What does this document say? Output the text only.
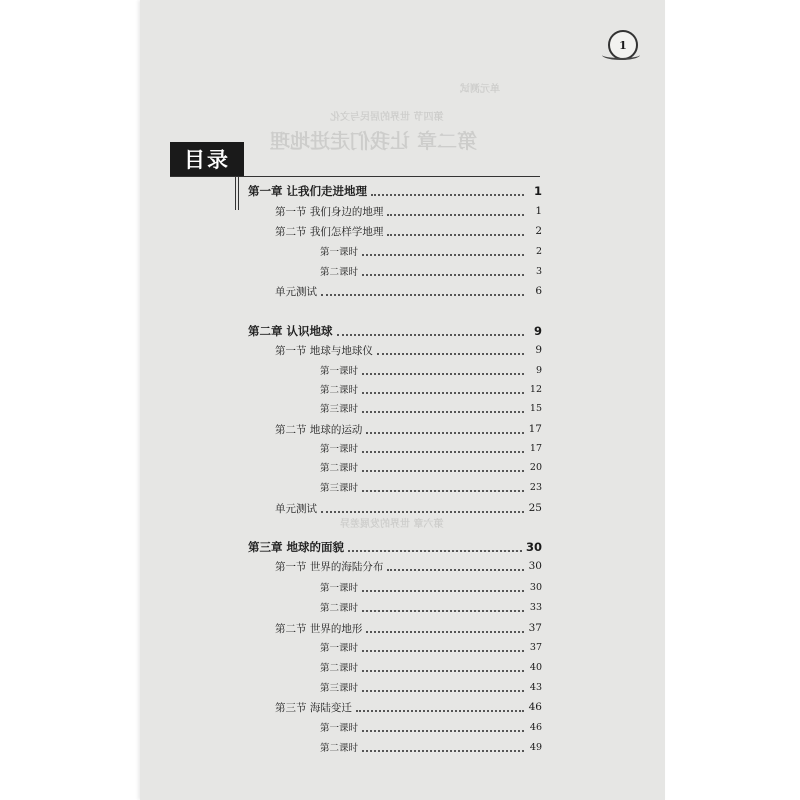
第二章 让我们走进地理
第四节 世界的居民与文化
单元测试
第六章 世界的发展差异
1
目录
第一章 让我们走进地理	1
第一节 我们身边的地理	1
第二节 我们怎样学地理	2
第一课时	2
第二课时	3
单元测试	6
第二章 认识地球	9
第一节 地球与地球仪	9
第一课时	9
第二课时	12
第三课时	15
第二节 地球的运动	17
第一课时	17
第二课时	20
第三课时	23
单元测试	25
第三章 地球的面貌	30
第一节 世界的海陆分布	30
第一课时	30
第二课时	33
第二节 世界的地形	37
第一课时	37
第二课时	40
第三课时	43
第三节 海陆变迁	46
第一课时	46
第二课时	49
